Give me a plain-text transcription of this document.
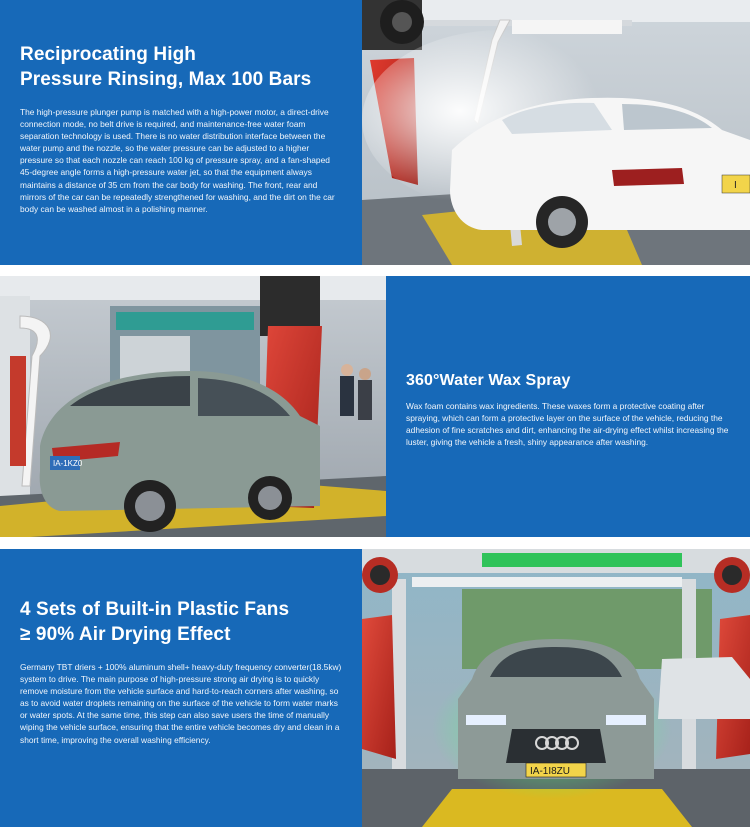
Reciprocating High
Pressure Rinsing, Max 100 Bars

The high-pressure plunger pump is matched with a high-power motor, a direct-drive connection mode, no belt drive is required, and maintenance-free water foam separation technology is used. There is no water distribution interface between the water pump and the nozzle, so the water pressure can be adjusted to a higher pressure so that each nozzle can reach 100 kg of pressure spray, and a fan-shaped 45-degree angle forms a high-pressure water jet, so that the equipment always maintains a distance of 35 cm from the car body for washing. The front, rear and mirrors of the car can be repeatedly strengthened for washing, and the dirt on the car body can be washed almost in a polishing manner.

I
IA-1KZ0
360°Water Wax Spray

Wax foam contains wax ingredients. These waxes form a protective coating after spraying, which can form a protective layer on the surface of the vehicle, reducing the adhesion of fine scratches and dirt, enhancing the air-drying effect whilst increasing the luster, giving the vehicle a fresh, shiny appearance after washing.

4 Sets of Built-in Plastic Fans
≥ 90% Air Drying Effect

Germany TBT driers + 100% aluminum shell+ heavy-duty frequency converter(18.5kw) system to drive. The main purpose of high-pressure strong air drying is to quickly remove moisture from the vehicle surface and hard-to-reach corners after washing, so as to avoid water droplets remaining on the surface of the vehicle to form water marks or water spots. At the same time, this step can also save users the time of manually wiping the vehicle surface, ensuring that the entire vehicle becomes dry and clean in a short time, improving the overall washing efficiency.

IA-1I8ZU
